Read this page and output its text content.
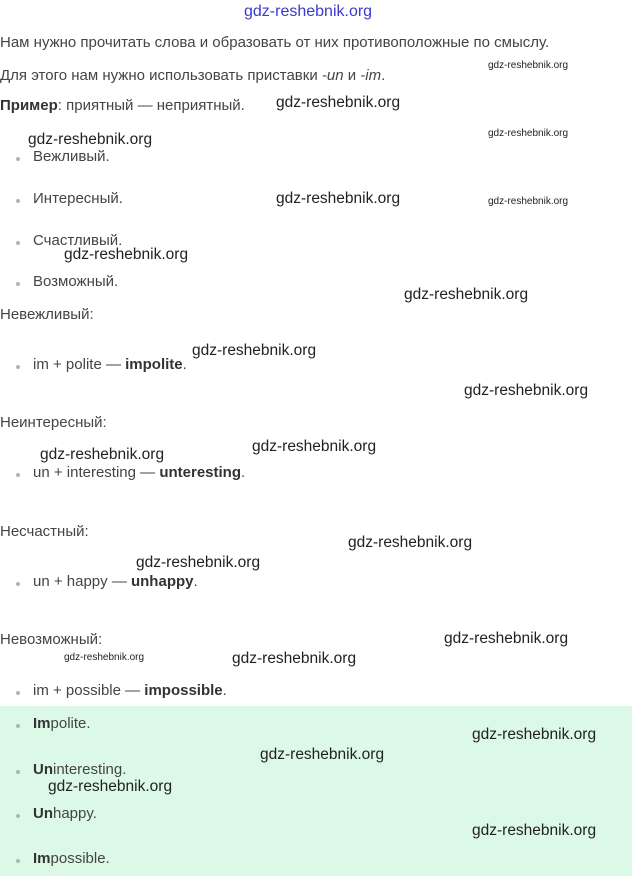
gdz-reshebnik.org
Нам нужно прочитать слова и образовать от них противоположные по смыслу.
Для этого нам нужно использовать приставки -un и -im.
Пример: приятный — неприятный.
Вежливый.
Интересный.
Счастливый.
Возможный.
Невежливый:
im + polite — impolite.
Неинтересный:
un + interesting — unteresting.
Несчастный:
un + happy — unhappy.
Невозможный:
im + possible — impossible.
Impolite.
Uninteresting.
Unhappy.
Impossible.
gdz-reshebnik.org
gdz-reshebnik.org
gdz-reshebnik.org	gdz-reshebnik.org
gdz-reshebnik.org	gdz-reshebnik.org
gdz-reshebnik.org
gdz-reshebnik.org
gdz-reshebnik.org
gdz-reshebnik.org
gdz-reshebnik.org
gdz-reshebnik.org
gdz-reshebnik.org
gdz-reshebnik.org
gdz-reshebnik.org
gdz-reshebnik.org	gdz-reshebnik.org
gdz-reshebnik.org
gdz-reshebnik.org
gdz-reshebnik.org
gdz-reshebnik.org
